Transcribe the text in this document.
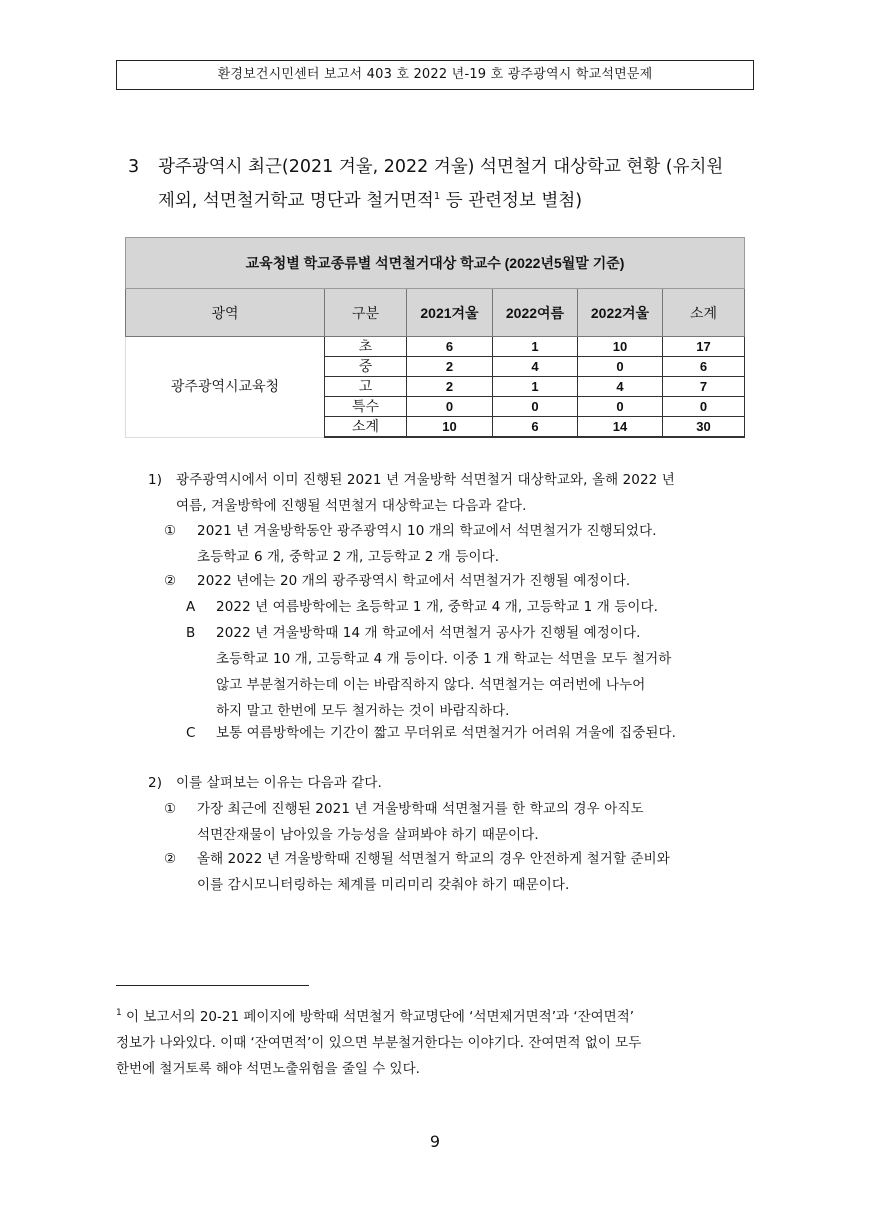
환경보건시민센터 보고서 403 호 2022 년-19 호 광주광역시 학교석면문제
3 광주광역시 최근(2021 겨울, 2022 겨울) 석면철거 대상학교 현황 (유치원
제외, 석면철거학교 명단과 철거면적$^1$ 등 관련정보 별첨)
교육청별 학교종류별 석면철거대상 학교수 (2022년5월말 기준)					
광역	구분	2021겨울	2022여름	2022겨울	소계
광주광역시교육청	초	6	1	10	17
	중	2	4	0	6
	고	2	1	4	7
	특수	0	0	0	0
	소계	10	6	14	30
1) 광주광역시에서 이미 진행된 2021 년 겨울방학 석면철거 대상학교와, 올해 2022 년
여름, 겨울방학에 진행될 석면철거 대상학교는 다음과 같다.
① 2021 년 겨울방학동안 광주광역시 10 개의 학교에서 석면철거가 진행되었다.
초등학교 6 개, 중학교 2 개, 고등학교 2 개 등이다.
② 2022 년에는 20 개의 광주광역시 학교에서 석면철거가 진행될 예정이다.
A 2022 년 여름방학에는 초등학교 1 개, 중학교 4 개, 고등학교 1 개 등이다.
B 2022 년 겨울방학때 14 개 학교에서 석면철거 공사가 진행될 예정이다.
초등학교 10 개, 고등학교 4 개 등이다. 이중 1 개 학교는 석면을 모두 철거하
않고 부분철거하는데 이는 바람직하지 않다. 석면철거는 여러번에 나누어
하지 말고 한번에 모두 철거하는 것이 바람직하다.
C 보통 여름방학에는 기간이 짧고 무더위로 석면철거가 어려워 겨울에 집중된다.
2) 이를 살펴보는 이유는 다음과 같다.
① 가장 최근에 진행된 2021 년 겨울방학때 석면철거를 한 학교의 경우 아직도
석면잔재물이 남아있을 가능성을 살펴봐야 하기 때문이다.
② 올해 2022 년 겨울방학때 진행될 석면철거 학교의 경우 안전하게 철거할 준비와
이를 감시모니터링하는 체계를 미리미리 갖춰야 하기 때문이다.
$^1$ 이 보고서의 20-21 페이지에 방학때 석면철거 학교명단에 ‘석면제거면적’과 ‘잔여면적’
정보가 나와있다. 이때 ‘잔여면적’이 있으면 부분철거한다는 이야기다. 잔여면적 없이 모두
한번에 철거토록 해야 석면노출위험을 줄일 수 있다.
9
